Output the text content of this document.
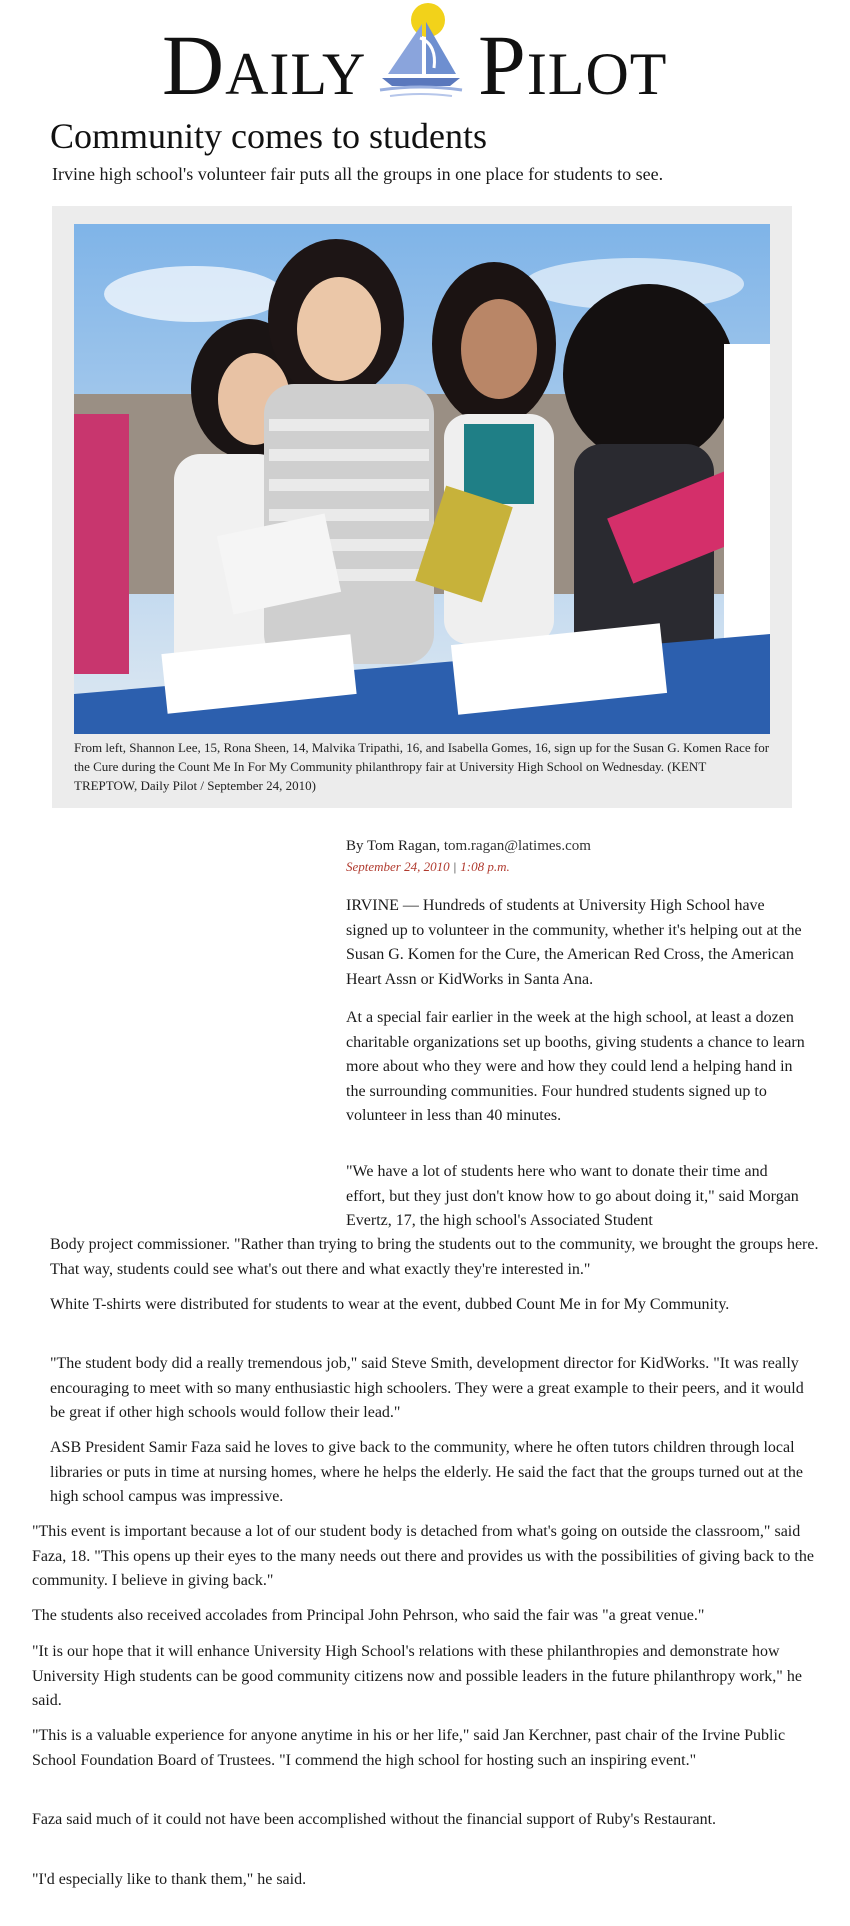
Daily Pilot
Community comes to students

Irvine high school's volunteer fair puts all the groups in one place for students to see.

From left, Shannon Lee, 15, Rona Sheen, 14, Malvika Tripathi, 16, and Isabella Gomes, 16, sign up for the Susan G. Komen Race for the Cure during the Count Me In For My Community philanthropy fair at University High School on Wednesday. (KENT TREPTOW, Daily Pilot / September 24, 2010)

By Tom Ragan, tom.ragan@latimes.com
September 24, 2010 | 1:08 p.m.

IRVINE — Hundreds of students at University High School have signed up to volunteer in the community, whether it's helping out at the Susan G. Komen for the Cure, the American Red Cross, the American Heart Assn or KidWorks in Santa Ana.

At a special fair earlier in the week at the high school, at least a dozen charitable organizations set up booths, giving students a chance to learn more about who they were and how they could lend a helping hand in the surrounding communities. Four hundred students signed up to volunteer in less than 40 minutes.

"We have a lot of students here who want to donate their time and effort, but they just don't know how to go about doing it," said Morgan Evertz, 17, the high school's Associated Student

Body project commissioner. "Rather than trying to bring the students out to the community, we brought the groups here. That way, students could see what's out there and what exactly they're interested in."

White T-shirts were distributed for students to wear at the event, dubbed Count Me in for My Community.

"The student body did a really tremendous job," said Steve Smith, development director for KidWorks. "It was really encouraging to meet with so many enthusiastic high schoolers. They were a great example to their peers, and it would be great if other high schools would follow their lead."

ASB President Samir Faza said he loves to give back to the community, where he often tutors children through local libraries or puts in time at nursing homes, where he helps the elderly. He said the fact that the groups turned out at the high school campus was impressive.

"This event is important because a lot of our student body is detached from what's going on outside the classroom," said Faza, 18. "This opens up their eyes to the many needs out there and provides us with the possibilities of giving back to the community. I believe in giving back."

The students also received accolades from Principal John Pehrson, who said the fair was "a great venue."

"It is our hope that it will enhance University High School's relations with these philanthropies and demonstrate how University High students can be good community citizens now and possible leaders in the future philanthropy work," he said.

"This is a valuable experience for anyone anytime in his or her life," said Jan Kerchner, past chair of the Irvine Public School Foundation Board of Trustees. "I commend the high school for hosting such an inspiring event."

Faza said much of it could not have been accomplished without the financial support of Ruby's Restaurant.

"I'd especially like to thank them," he said.
